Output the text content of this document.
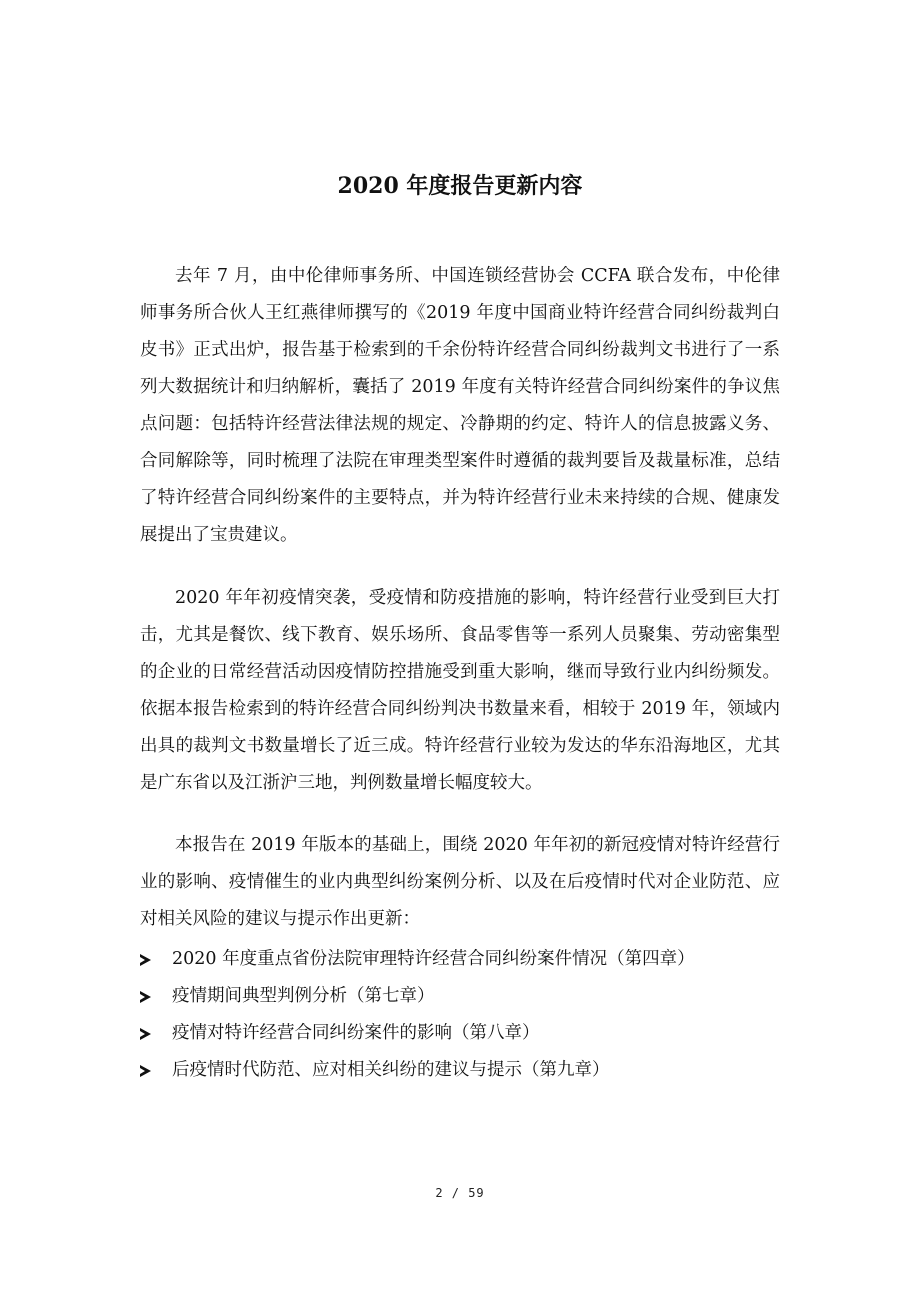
2020 年度报告更新内容

去年 7 月，由中伦律师事务所、中国连锁经营协会 CCFA 联合发布，中伦律师事务所合伙人王红燕律师撰写的《2019 年度中国商业特许经营合同纠纷裁判白皮书》正式出炉，报告基于检索到的千余份特许经营合同纠纷裁判文书进行了一系列大数据统计和归纳解析，囊括了 2019 年度有关特许经营合同纠纷案件的争议焦点问题：包括特许经营法律法规的规定、冷静期的约定、特许人的信息披露义务、合同解除等，同时梳理了法院在审理类型案件时遵循的裁判要旨及裁量标准，总结了特许经营合同纠纷案件的主要特点，并为特许经营行业未来持续的合规、健康发展提出了宝贵建议。

2020 年年初疫情突袭，受疫情和防疫措施的影响，特许经营行业受到巨大打击，尤其是餐饮、线下教育、娱乐场所、食品零售等一系列人员聚集、劳动密集型的企业的日常经营活动因疫情防控措施受到重大影响，继而导致行业内纠纷频发。依据本报告检索到的特许经营合同纠纷判决书数量来看，相较于 2019 年，领域内出具的裁判文书数量增长了近三成。特许经营行业较为发达的华东沿海地区，尤其是广东省以及江浙沪三地，判例数量增长幅度较大。

本报告在 2019 年版本的基础上，围绕 2020 年年初的新冠疫情对特许经营行业的影响、疫情催生的业内典型纠纷案例分析、以及在后疫情时代对企业防范、应对相关风险的建议与提示作出更新：

2020 年度重点省份法院审理特许经营合同纠纷案件情况（第四章）
疫情期间典型判例分析（第七章）
疫情对特许经营合同纠纷案件的影响（第八章）
后疫情时代防范、应对相关纠纷的建议与提示（第九章）
2 / 59
